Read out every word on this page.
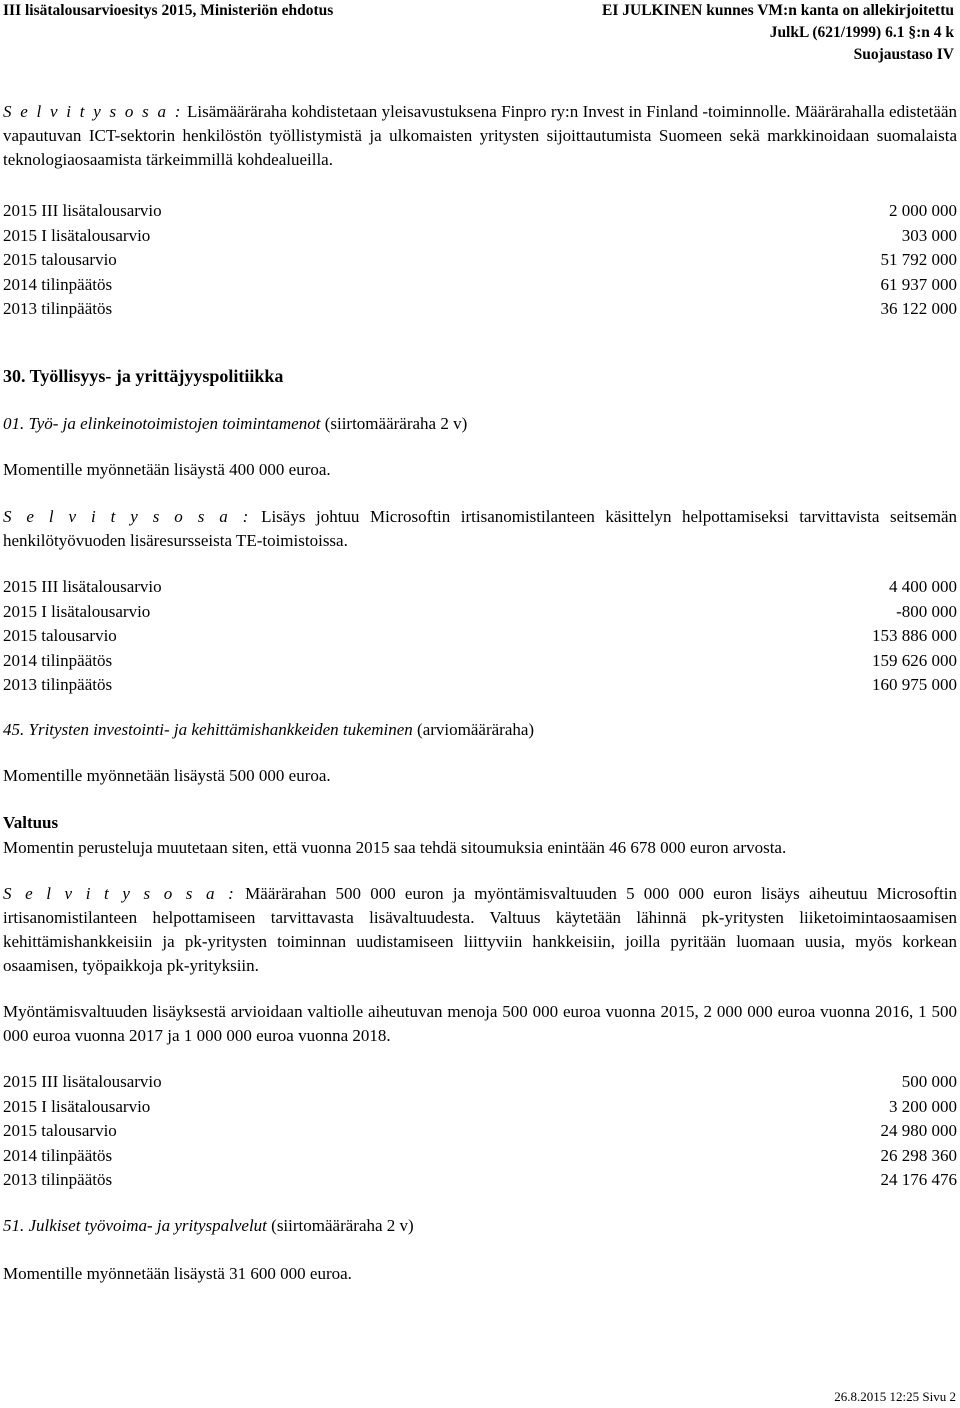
III lisätalousarvioesitys 2015, Ministeriön ehdotus	EI JULKINEN kunnes VM:n kanta on allekirjoitettu
JulkL (621/1999) 6.1 §:n 4 k
Suojaustaso IV
S e l v i t y s o s a : Lisämääräraha kohdistetaan yleisavustuksena Finpro ry:n Invest in Finland -toiminnolle. Määrärahalla edistetään vapautuvan ICT-sektorin henkilöstön työllistymistä ja ulkomaisten yritysten sijoittautumista Suomeen sekä markkinoidaan suomalaista teknologiaosaamista tärkeimmillä kohdealueilla.
2015 III lisätalousarvio	2 000 000
2015 I lisätalousarvio	303 000
2015 talousarvio	51 792 000
2014 tilinpäätös	61 937 000
2013 tilinpäätös	36 122 000
30. Työllisyys- ja yrittäjyyspolitiikka
01. Työ- ja elinkeinotoimistojen toimintamenot (siirtomääräraha 2 v)
Momentille myönnetään lisäystä 400 000 euroa.
S e l v i t y s o s a : Lisäys johtuu Microsoftin irtisanomistilanteen käsittelyn helpottamiseksi tarvittavista seitsemän henkilötyövuoden lisäresursseista TE-toimistoissa.
2015 III lisätalousarvio	4 400 000
2015 I lisätalousarvio	-800 000
2015 talousarvio	153 886 000
2014 tilinpäätös	159 626 000
2013 tilinpäätös	160 975 000
45. Yritysten investointi- ja kehittämishankkeiden tukeminen (arviomääräraha)
Momentille myönnetään lisäystä 500 000 euroa.
Valtuus
Momentin perusteluja muutetaan siten, että vuonna 2015 saa tehdä sitoumuksia enintään 46 678 000 euron arvosta.
S e l v i t y s o s a : Määrärahan 500 000 euron ja myöntämisvaltuuden 5 000 000 euron lisäys aiheutuu Microsoftin irtisanomistilanteen helpottamiseen tarvittavasta lisävaltuudesta. Valtuus käytetään lähinnä pk-yritysten liiketoimintaosaamisen kehittämishankkeisiin ja pk-yritysten toiminnan uudistamiseen liittyviin hankkeisiin, joilla pyritään luomaan uusia, myös korkean osaamisen, työpaikkoja pk-yrityksiin.
Myöntämisvaltuuden lisäyksestä arvioidaan valtiolle aiheutuvan menoja 500 000 euroa vuonna 2015, 2 000 000 euroa vuonna 2016, 1 500 000 euroa vuonna 2017 ja 1 000 000 euroa vuonna 2018.
2015 III lisätalousarvio	500 000
2015 I lisätalousarvio	3 200 000
2015 talousarvio	24 980 000
2014 tilinpäätös	26 298 360
2013 tilinpäätös	24 176 476
51. Julkiset työvoima- ja yrityspalvelut (siirtomääräraha 2 v)
Momentille myönnetään lisäystä 31 600 000 euroa.
26.8.2015 12:25 Sivu 2
